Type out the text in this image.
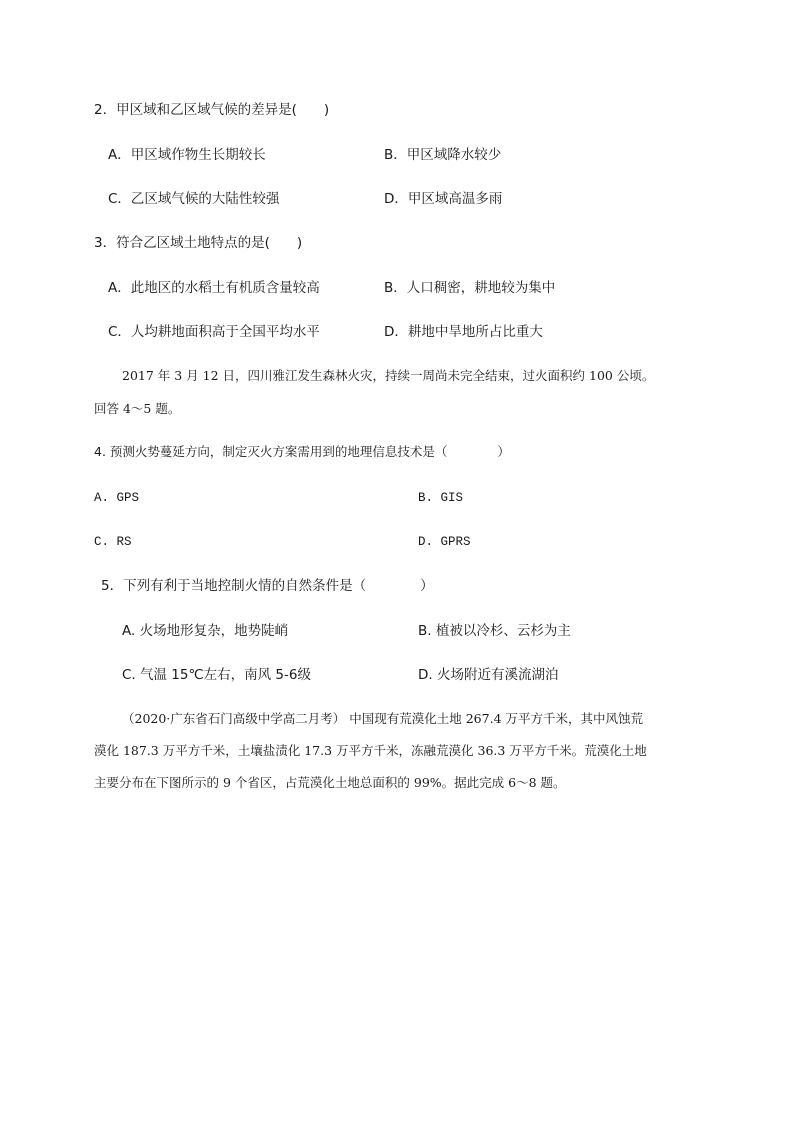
2．甲区域和乙区域气候的差异是(　　)
A．甲区域作物生长期较长	B．甲区域降水较少
C．乙区域气候的大陆性较强	D．甲区域高温多雨
3．符合乙区域土地特点的是(　　)
A．此地区的水稻土有机质含量较高	B．人口稠密，耕地较为集中
C．人均耕地面积高于全国平均水平	D．耕地中旱地所占比重大
2017 年 3 月 12 日，四川雅江发生森林火灾，持续一周尚未完全结束，过火面积约 100 公顷。
回答 4～5 题。
4. 预测火势蔓延方向，制定灭火方案需用到的地理信息技术是（　　　　）
A. GPS	B. GIS
C. RS	D. GPRS
5．下列有利于当地控制火情的自然条件是（　　　　）
A. 火场地形复杂，地势陡峭	B. 植被以冷杉、云杉为主
C. 气温 15℃左右，南风 5-6级	D. 火场附近有溪流湖泊
（2020·广东省石门高级中学高二月考） 中国现有荒漠化土地 267.4 万平方千米，其中风蚀荒
漠化 187.3 万平方千米，土壤盐渍化 17.3 万平方千米，冻融荒漠化 36.3 万平方千米。荒漠化土地
主要分布在下图所示的 9 个省区，占荒漠化土地总面积的 99%。据此完成 6～8 题。
